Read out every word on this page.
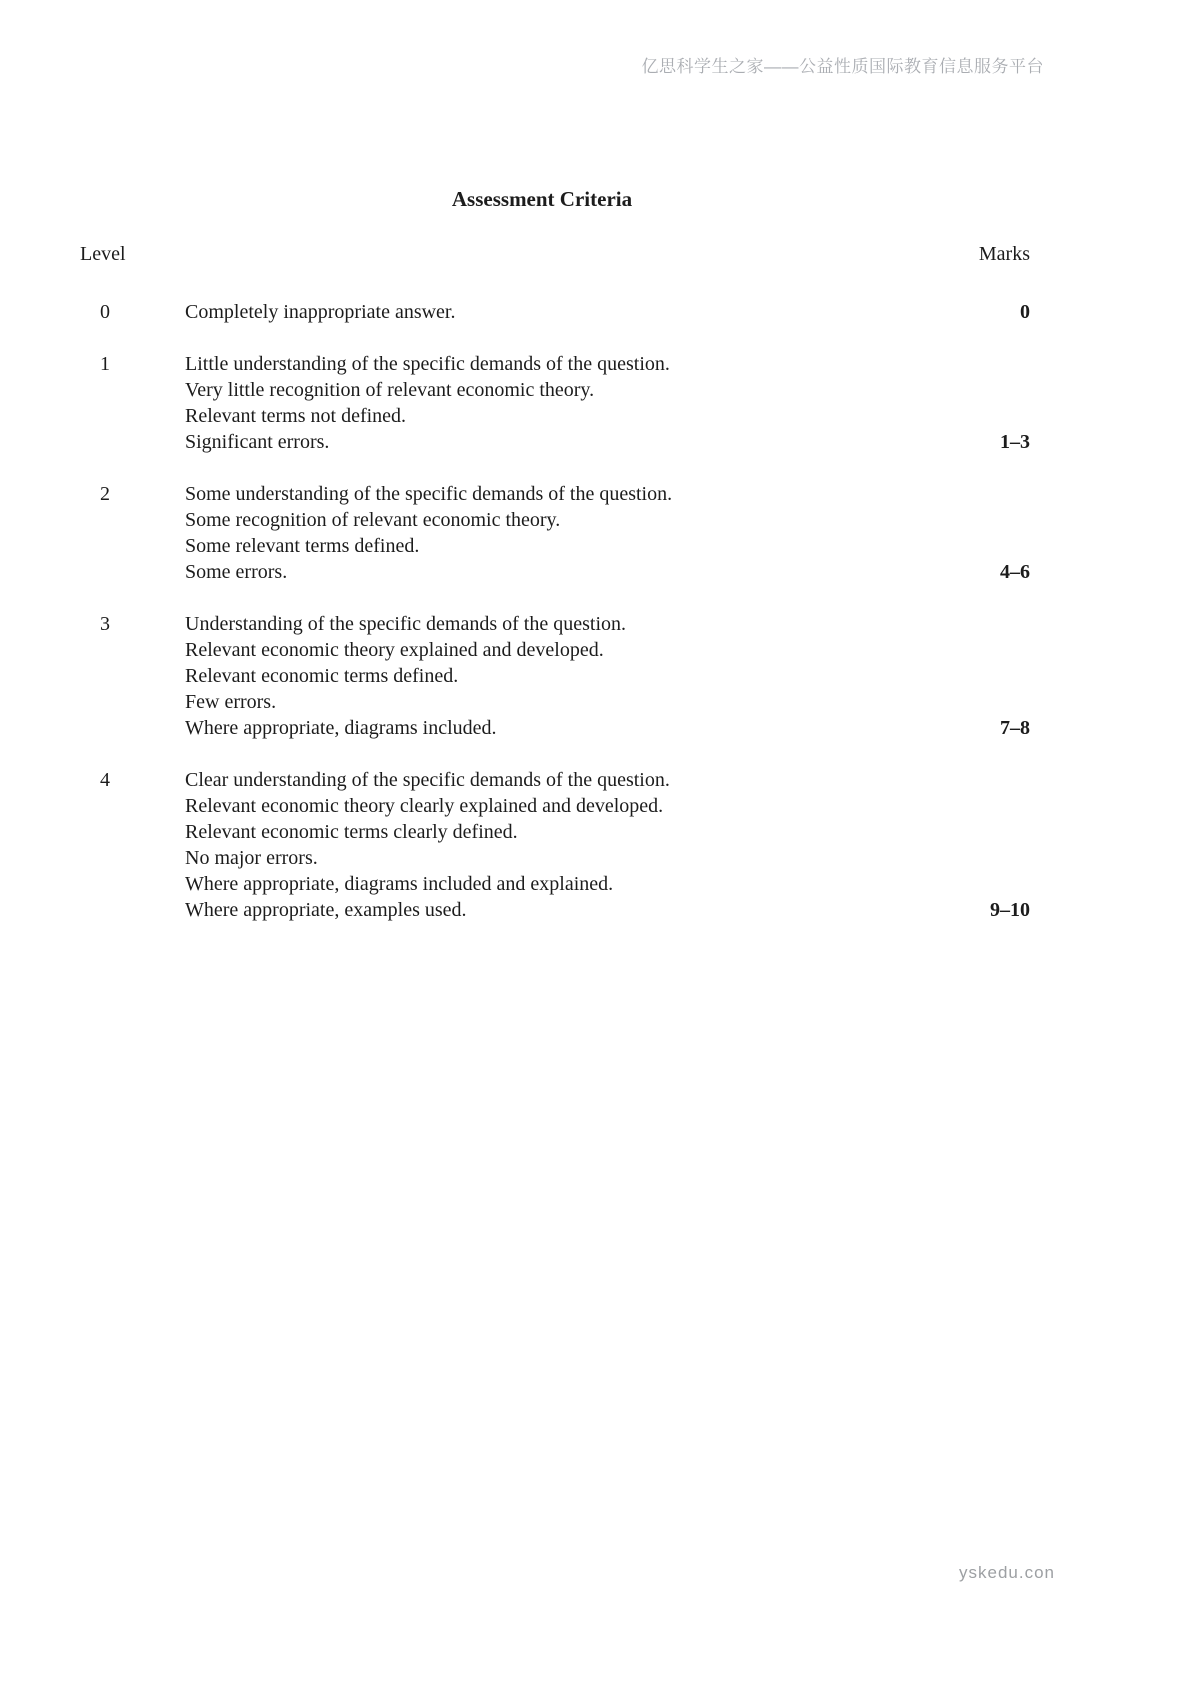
亿思科学生之家——公益性质国际教育信息服务平台
Assessment Criteria
Level	Marks
0	Completely inappropriate answer.	0
1	Little understanding of the specific demands of the question.
Very little recognition of relevant economic theory.
Relevant terms not defined.
Significant errors.	1–3
2	Some understanding of the specific demands of the question.
Some recognition of relevant economic theory.
Some relevant terms defined.
Some errors.	4–6
3	Understanding of the specific demands of the question.
Relevant economic theory explained and developed.
Relevant economic terms defined.
Few errors.
Where appropriate, diagrams included.	7–8
4	Clear understanding of the specific demands of the question.
Relevant economic theory clearly explained and developed.
Relevant economic terms clearly defined.
No major errors.
Where appropriate, diagrams included and explained.
Where appropriate, examples used.	9–10
yskedu.con
